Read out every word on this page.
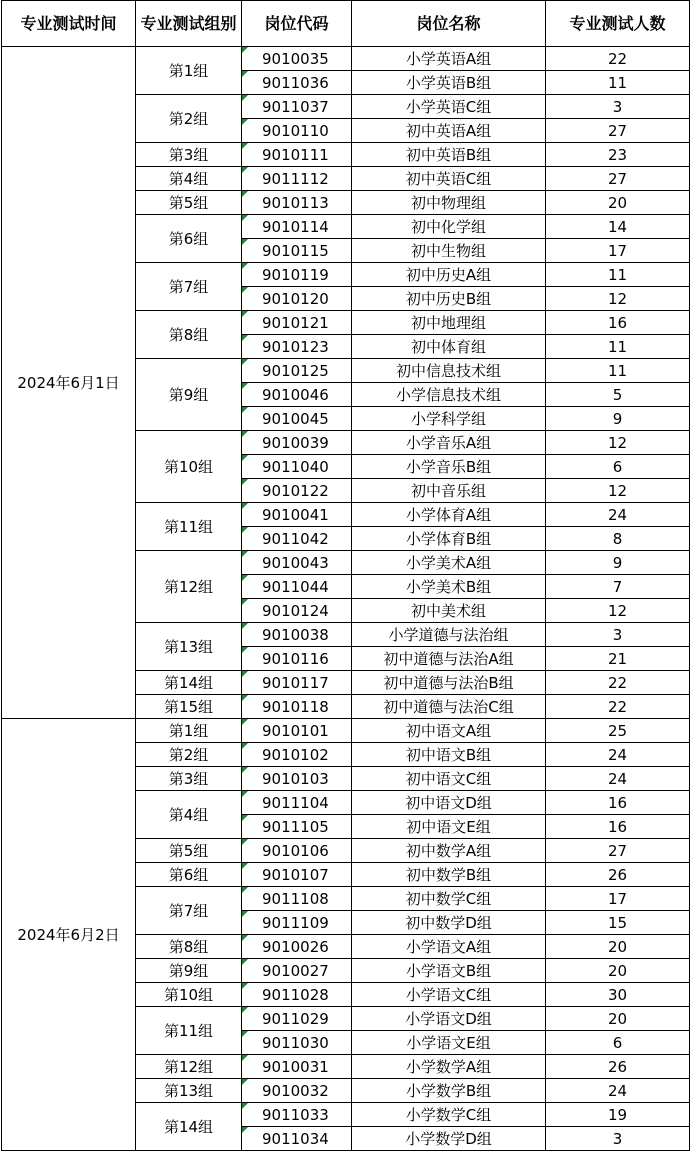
专业测试时间	专业测试组别	岗位代码	岗位名称	专业测试人数
2024年6月1日	第1组	9010035	小学英语A组	22
		9011036	小学英语B组	11
	第2组	9011037	小学英语C组	3
		9010110	初中英语A组	27
	第3组	9010111	初中英语B组	23
	第4组	9011112	初中英语C组	27
	第5组	9010113	初中物理组	20
	第6组	9010114	初中化学组	14
		9010115	初中生物组	17
	第7组	9010119	初中历史A组	11
		9010120	初中历史B组	12
	第8组	9010121	初中地理组	16
		9010123	初中体育组	11
	第9组	9010125	初中信息技术组	11
		9010046	小学信息技术组	5
		9010045	小学科学组	9
	第10组	9010039	小学音乐A组	12
		9011040	小学音乐B组	6
		9010122	初中音乐组	12
	第11组	9010041	小学体育A组	24
		9011042	小学体育B组	8
	第12组	9010043	小学美术A组	9
		9011044	小学美术B组	7
		9010124	初中美术组	12
	第13组	9010038	小学道德与法治组	3
		9010116	初中道德与法治A组	21
	第14组	9010117	初中道德与法治B组	22
	第15组	9010118	初中道德与法治C组	22
2024年6月2日	第1组	9010101	初中语文A组	25
	第2组	9010102	初中语文B组	24
	第3组	9010103	初中语文C组	24
	第4组	9011104	初中语文D组	16
		9011105	初中语文E组	16
	第5组	9010106	初中数学A组	27
	第6组	9010107	初中数学B组	26
	第7组	9011108	初中数学C组	17
		9011109	初中数学D组	15
	第8组	9010026	小学语文A组	20
	第9组	9010027	小学语文B组	20
	第10组	9011028	小学语文C组	30
	第11组	9011029	小学语文D组	20
		9011030	小学语文E组	6
	第12组	9010031	小学数学A组	26
	第13组	9010032	小学数学B组	24
	第14组	9011033	小学数学C组	19
		9011034	小学数学D组	3
